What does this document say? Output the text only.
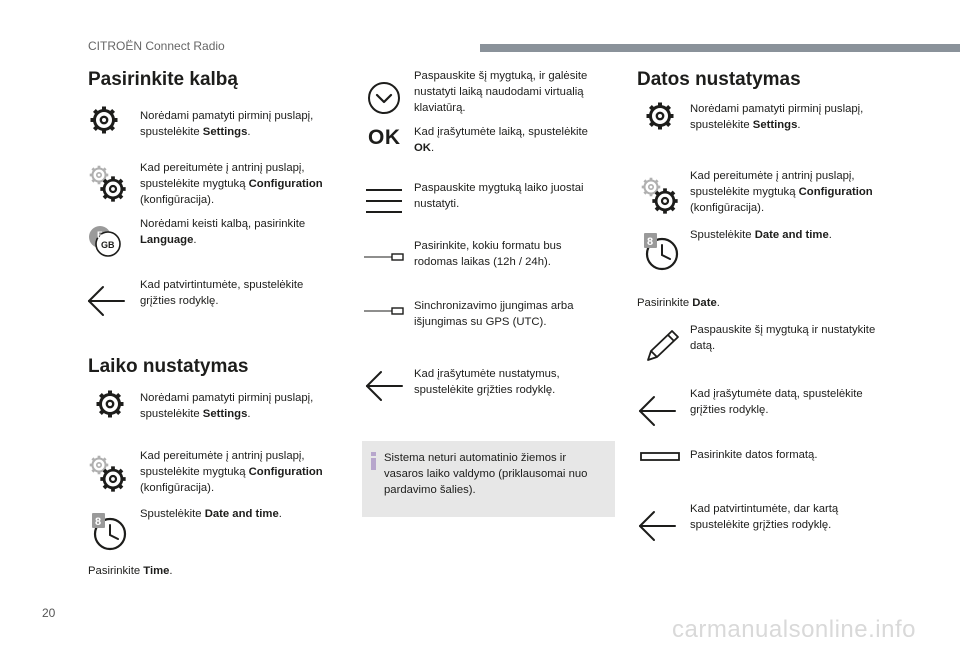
CITROËN Connect Radio
20
carmanualsonline.info
Pasirinkite kalbą
Norėdami pamatyti pirminį puslapį, spustelėkite Settings.
Kad pereitumėte į antrinį puslapį, spustelėkite mygtuką Configuration (konfigūracija).
F
GB
Norėdami keisti kalbą, pasirinkite Language.
Kad patvirtintumėte, spustelėkite grįžties rodyklę.
Laiko nustatymas
Norėdami pamatyti pirminį puslapį, spustelėkite Settings.
Kad pereitumėte į antrinį puslapį, spustelėkite mygtuką Configuration (konfigūracija).
8
Spustelėkite Date and time.
Pasirinkite Time.
Paspauskite šį mygtuką, ir galėsite nustatyti laiką naudodami virtualią klaviatūrą.
OK Kad įrašytumėte laiką, spustelėkite OK.
Paspauskite mygtuką laiko juostai nustatyti.
Pasirinkite, kokiu formatu bus rodomas laikas (12h / 24h).
Sinchronizavimo įjungimas arba išjungimas su GPS (UTC).
Kad įrašytumėte nustatymus, spustelėkite grįžties rodyklę.
Sistema neturi automatinio žiemos ir vasaros laiko valdymo (priklausomai nuo pardavimo šalies).
Datos nustatymas
Norėdami pamatyti pirminį puslapį, spustelėkite Settings.
Kad pereitumėte į antrinį puslapį, spustelėkite mygtuką Configuration (konfigūracija).
8
Spustelėkite Date and time.
Pasirinkite Date.
Paspauskite šį mygtuką ir nustatykite datą.
Kad įrašytumėte datą, spustelėkite grįžties rodyklę.
Pasirinkite datos formatą.
Kad patvirtintumėte, dar kartą spustelėkite grįžties rodyklę.
